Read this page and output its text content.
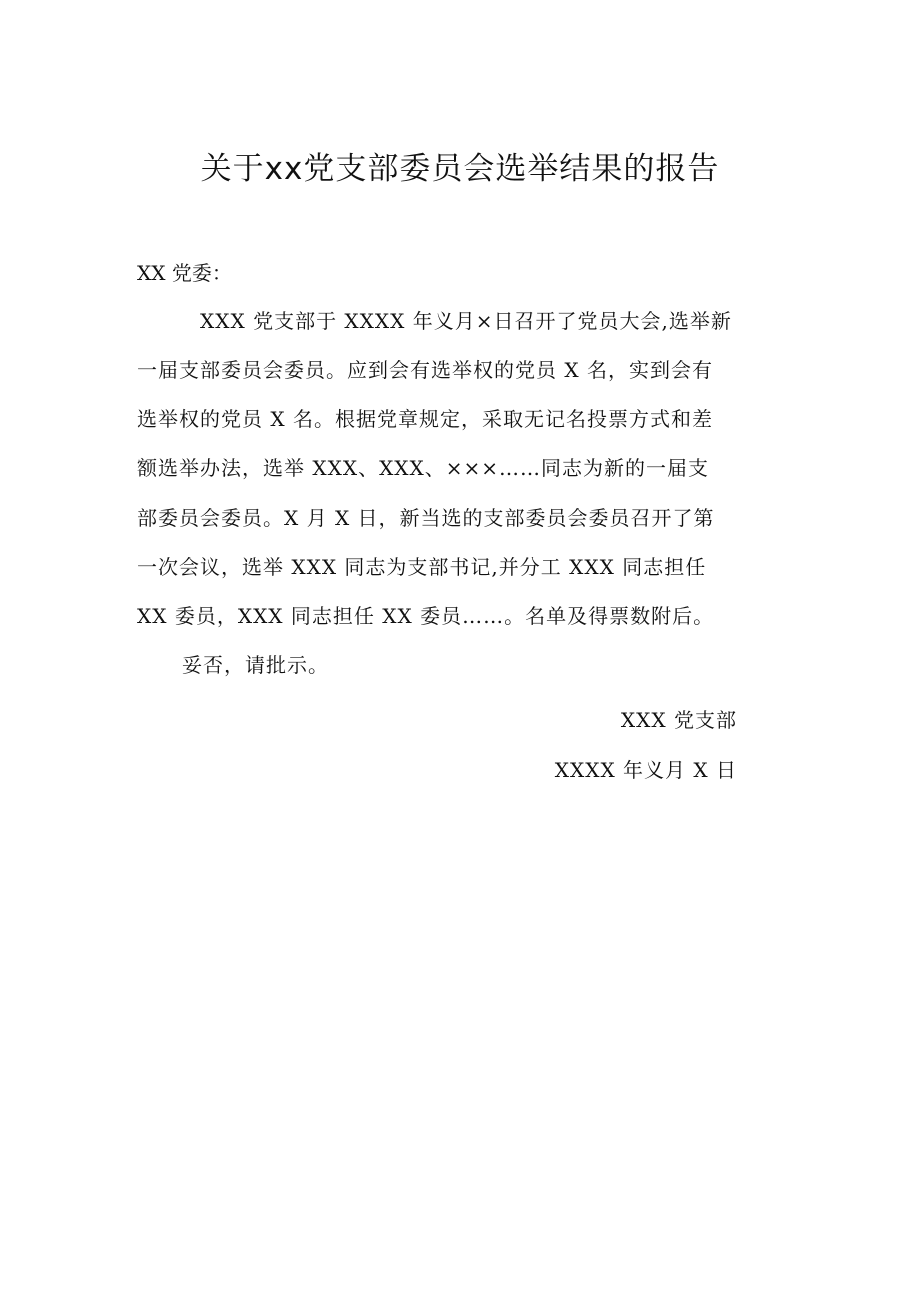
关于xx党支部委员会选举结果的报告
XX 党委：
XXX 党支部于 XXXX 年义月×日召开了党员大会,选举新
一届支部委员会委员。应到会有选举权的党员 X 名，实到会有
选举权的党员 X 名。根据党章规定，采取无记名投票方式和差
额选举办法，选举 XXX、XXX、×××……同志为新的一届支
部委员会委员。X 月 X 日，新当选的支部委员会委员召开了第
一次会议，选举 XXX 同志为支部书记,并分工 XXX 同志担任
XX 委员，XXX 同志担任 XX 委员……。名单及得票数附后。
妥否，请批示。
XXX 党支部
XXXX 年义月 X 日
